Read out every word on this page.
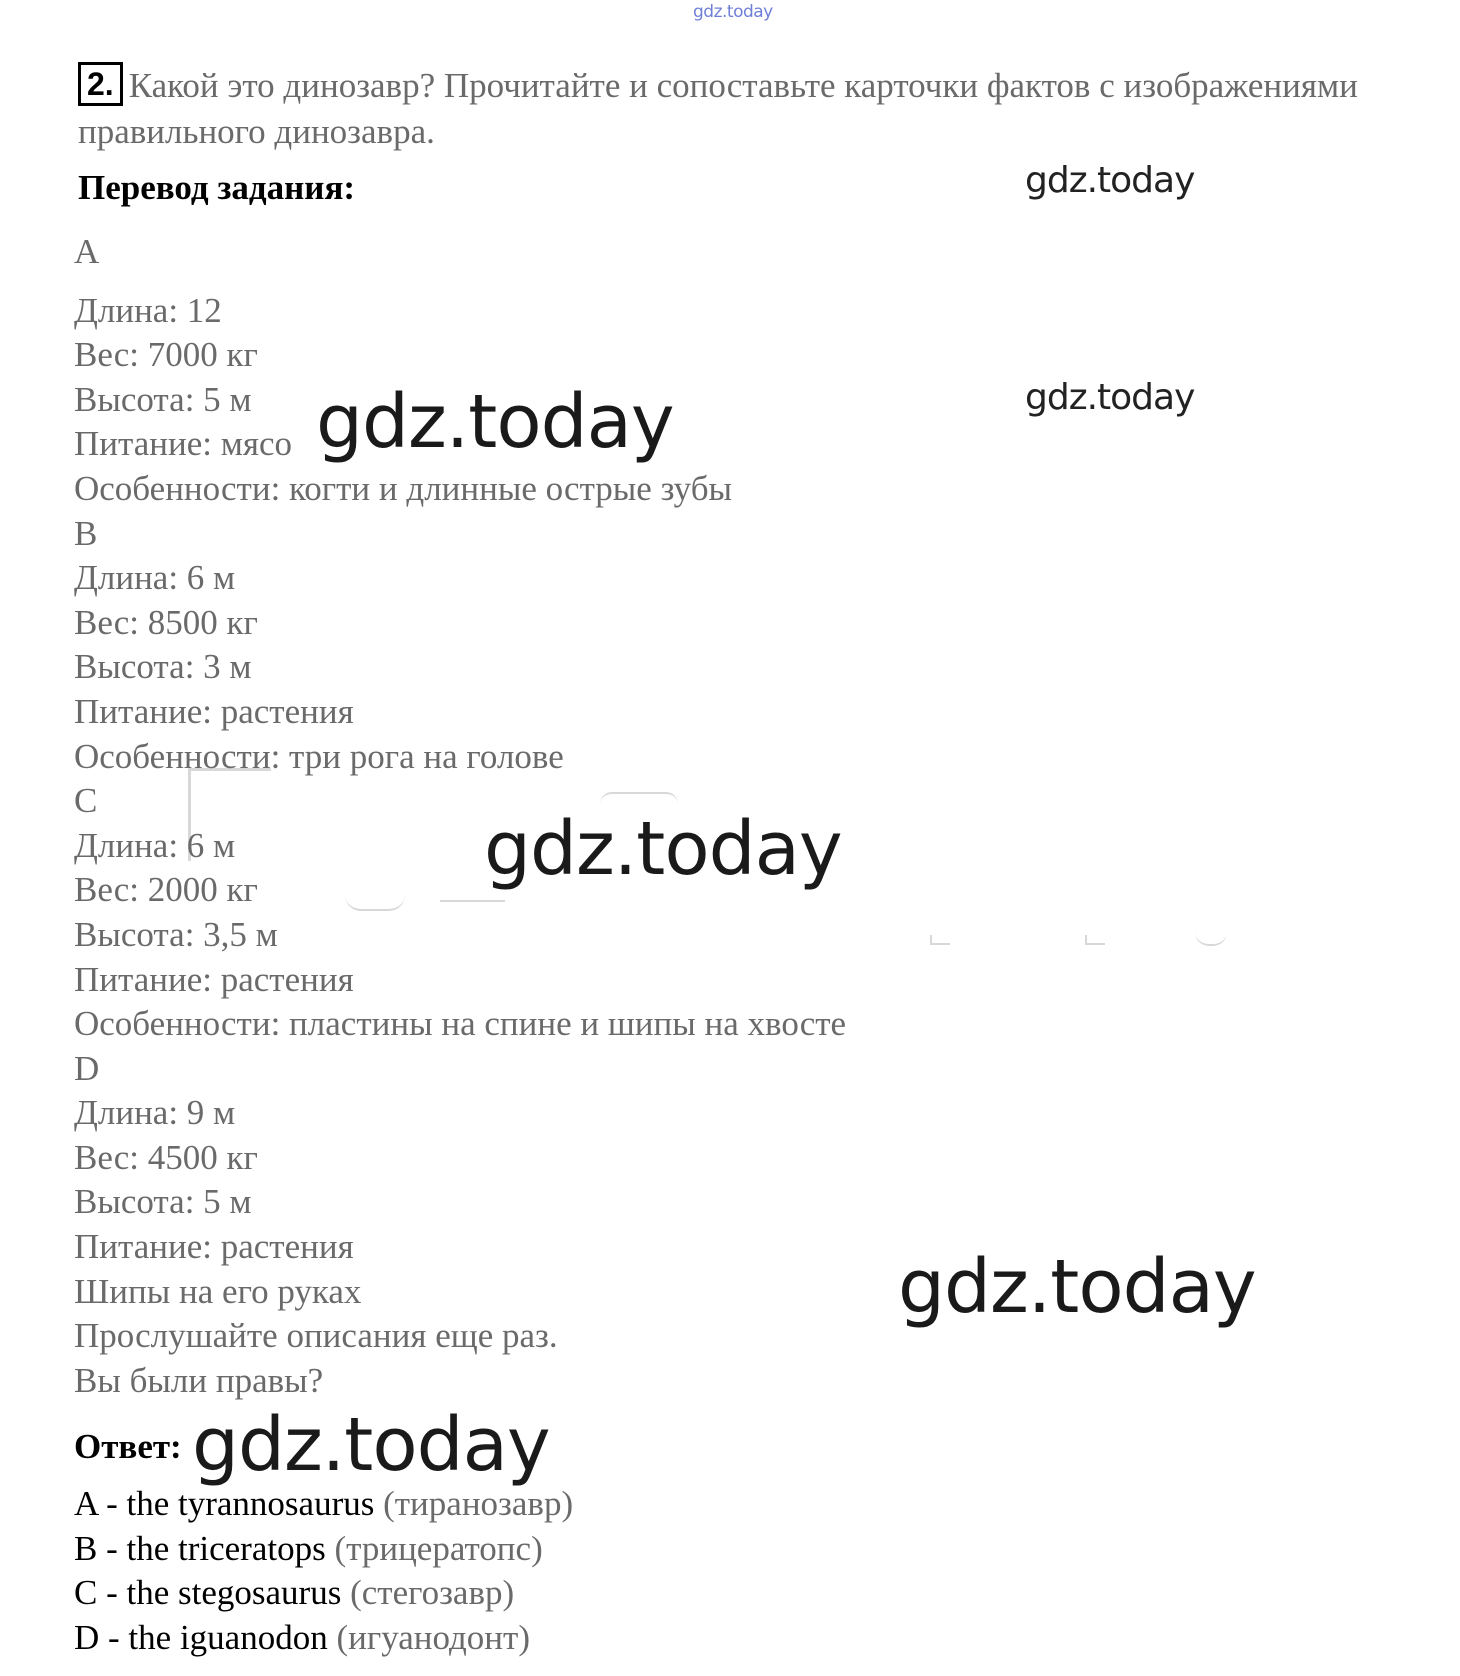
gdz.today
2. Какой это динозавр? Прочитайте и сопоставьте карточки фактов с изображениями правильного динозавра.
Перевод задания:	gdz.today
gdz.today
A
Длина: 12
Вес: 7000 кг
Высота: 5 м
Питание: мясо
Особенности: когти и длинные острые зубы
B
Длина: 6 м
Вес: 8500 кг
Высота: 3 м
Питание: растения
Особенности: три рога на голове
C
Длина: 6 м
Вес: 2000 кг
Высота: 3,5 м
Питание: растения
Особенности: пластины на спине и шипы на хвосте
D
Длина: 9 м
Вес: 4500 кг
Высота: 5 м
Питание: растения
Шипы на его руках
Прослушайте описания еще раз.
Вы были правы?
Ответ:
A - the tyrannosaurus (тиранозавр)
B - the triceratops (трицератопс)
C - the stegosaurus (стегозавр)
D - the iguanodon (игуанодонт)
gdz.today
gdz.today
gdz.today
gdz.today
